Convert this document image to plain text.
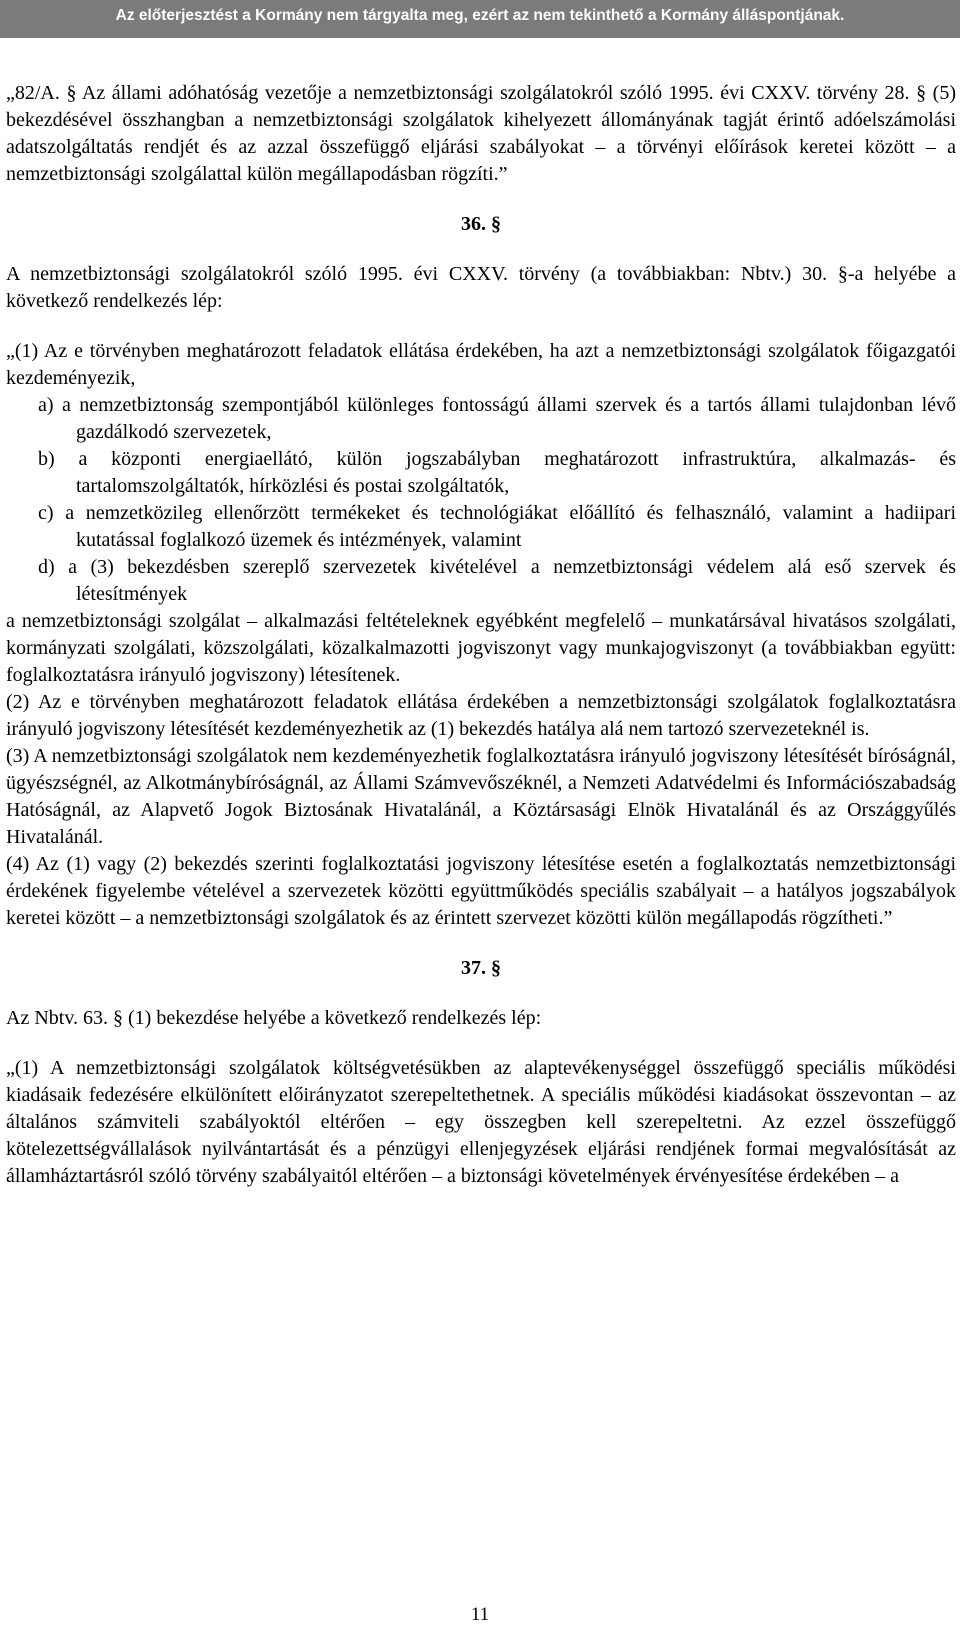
Az előterjesztést a Kormány nem tárgyalta meg, ezért az nem tekinthető a Kormány álláspontjának.

„82/A. § Az állami adóhatóság vezetője a nemzetbiztonsági szolgálatokról szóló 1995. évi CXXV. törvény 28. § (5) bekezdésével összhangban a nemzetbiztonsági szolgálatok kihelyezett állományának tagját érintő adóelszámolási adatszolgáltatás rendjét és az azzal összefüggő eljárási szabályokat – a törvényi előírások keretei között – a nemzetbiztonsági szolgálattal külön megállapodásban rögzíti.”

36. §

A nemzetbiztonsági szolgálatokról szóló 1995. évi CXXV. törvény (a továbbiakban: Nbtv.) 30. §-a helyébe a következő rendelkezés lép:

„(1) Az e törvényben meghatározott feladatok ellátása érdekében, ha azt a nemzetbiztonsági szolgálatok főigazgatói kezdeményezik,

a) a nemzetbiztonság szempontjából különleges fontosságú állami szervek és a tartós állami tulajdonban lévő gazdálkodó szervezetek,

b) a központi energiaellátó, külön jogszabályban meghatározott infrastruktúra, alkalmazás- és tartalomszolgáltatók, hírközlési és postai szolgáltatók,

c) a nemzetközileg ellenőrzött termékeket és technológiákat előállító és felhasználó, valamint a hadiipari kutatással foglalkozó üzemek és intézmények, valamint

d) a (3) bekezdésben szereplő szervezetek kivételével a nemzetbiztonsági védelem alá eső szervek és létesítmények

a nemzetbiztonsági szolgálat – alkalmazási feltételeknek egyébként megfelelő – munkatársával hivatásos szolgálati, kormányzati szolgálati, közszolgálati, közalkalmazotti jogviszonyt vagy munkajogviszonyt (a továbbiakban együtt: foglalkoztatásra irányuló jogviszony) létesítenek.

(2) Az e törvényben meghatározott feladatok ellátása érdekében a nemzetbiztonsági szolgálatok foglalkoztatásra irányuló jogviszony létesítését kezdeményezhetik az (1) bekezdés hatálya alá nem tartozó szervezeteknél is.

(3) A nemzetbiztonsági szolgálatok nem kezdeményezhetik foglalkoztatásra irányuló jogviszony létesítését bíróságnál, ügyészségnél, az Alkotmánybíróságnál, az Állami Számvevőszéknél, a Nemzeti Adatvédelmi és Információszabadság Hatóságnál, az Alapvető Jogok Biztosának Hivatalánál, a Köztársasági Elnök Hivatalánál és az Országgyűlés Hivatalánál.

(4) Az (1) vagy (2) bekezdés szerinti foglalkoztatási jogviszony létesítése esetén a foglalkoztatás nemzetbiztonsági érdekének figyelembe vételével a szervezetek közötti együttműködés speciális szabályait – a hatályos jogszabályok keretei között – a nemzetbiztonsági szolgálatok és az érintett szervezet közötti külön megállapodás rögzítheti.”

37. §

Az Nbtv. 63. § (1) bekezdése helyébe a következő rendelkezés lép:

„(1) A nemzetbiztonsági szolgálatok költségvetésükben az alaptevékenységgel összefüggő speciális működési kiadásaik fedezésére elkülönített előirányzatot szerepeltethetnek. A speciális működési kiadásokat összevontan – az általános számviteli szabályoktól eltérően – egy összegben kell szerepeltetni. Az ezzel összefüggő kötelezettségvállalások nyilvántartását és a pénzügyi ellenjegyzések eljárási rendjének formai megvalósítását az államháztartásról szóló törvény szabályaitól eltérően – a biztonsági követelmények érvényesítése érdekében – a

11
